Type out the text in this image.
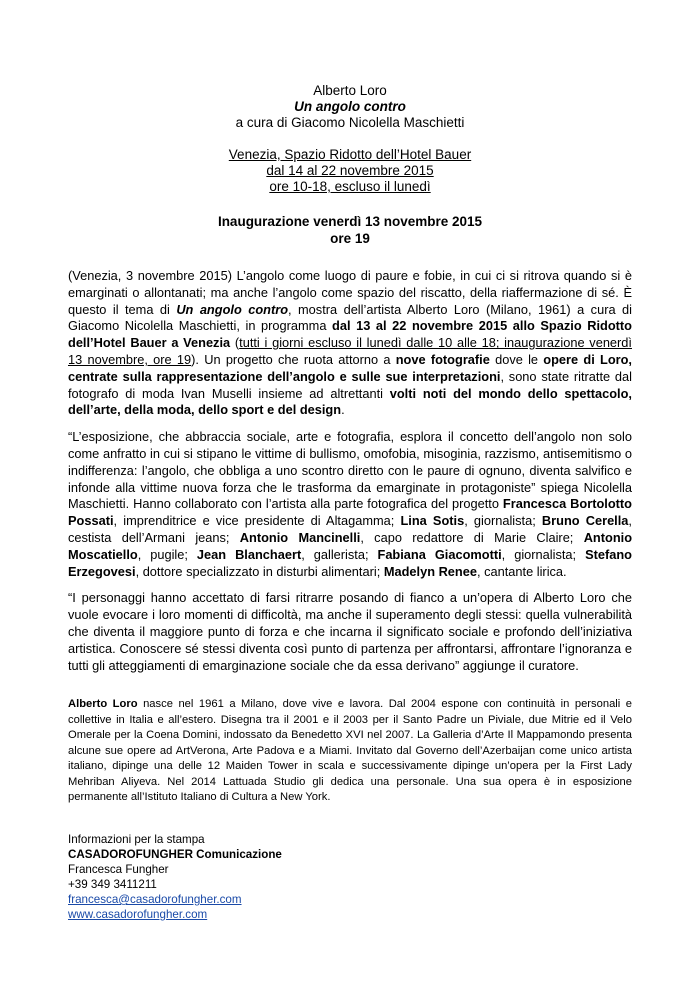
Alberto Loro
Un angolo contro
a cura di Giacomo Nicolella Maschietti
Venezia, Spazio Ridotto dell’Hotel Bauer
dal 14 al 22 novembre 2015
ore 10-18, escluso il lunedì
Inaugurazione venerdì 13 novembre 2015
ore 19

(Venezia, 3 novembre 2015) L’angolo come luogo di paure e fobie, in cui ci si ritrova quando si è emarginati o allontanati; ma anche l’angolo come spazio del riscatto, della riaffermazione di sé. È questo il tema di Un angolo contro, mostra dell’artista Alberto Loro (Milano, 1961) a cura di Giacomo Nicolella Maschietti, in programma dal 13 al 22 novembre 2015 allo Spazio Ridotto dell’Hotel Bauer a Venezia (tutti i giorni escluso il lunedì dalle 10 alle 18; inaugurazione venerdì 13 novembre, ore 19). Un progetto che ruota attorno a nove fotografie dove le opere di Loro, centrate sulla rappresentazione dell’angolo e sulle sue interpretazioni, sono state ritratte dal fotografo di moda Ivan Muselli insieme ad altrettanti volti noti del mondo dello spettacolo, dell’arte, della moda, dello sport e del design.

“L’esposizione, che abbraccia sociale, arte e fotografia, esplora il concetto dell’angolo non solo come anfratto in cui si stipano le vittime di bullismo, omofobia, misoginia, razzismo, antisemitismo o indifferenza: l’angolo, che obbliga a uno scontro diretto con le paure di ognuno, diventa salvifico e infonde alla vittime nuova forza che le trasforma da emarginate in protagoniste” spiega Nicolella Maschietti. Hanno collaborato con l’artista alla parte fotografica del progetto Francesca Bortolotto Possati, imprenditrice e vice presidente di Altagamma; Lina Sotis, giornalista; Bruno Cerella, cestista dell’Armani jeans; Antonio Mancinelli, capo redattore di Marie Claire; Antonio Moscatiello, pugile; Jean Blanchaert, gallerista; Fabiana Giacomotti, giornalista; Stefano Erzegovesi, dottore specializzato in disturbi alimentari; Madelyn Renee, cantante lirica.

“I personaggi hanno accettato di farsi ritrarre posando di fianco a un’opera di Alberto Loro che vuole evocare i loro momenti di difficoltà, ma anche il superamento degli stessi: quella vulnerabilità che diventa il maggiore punto di forza e che incarna il significato sociale e profondo dell’iniziativa artistica. Conoscere sé stessi diventa così punto di partenza per affrontarsi, affrontare l’ignoranza e tutti gli atteggiamenti di emarginazione sociale che da essa derivano” aggiunge il curatore.

Alberto Loro nasce nel 1961 a Milano, dove vive e lavora. Dal 2004 espone con continuità in personali e collettive in Italia e all’estero. Disegna tra il 2001 e il 2003 per il Santo Padre un Piviale, due Mitrie ed il Velo Omerale per la Coena Domini, indossato da Benedetto XVI nel 2007. La Galleria d’Arte Il Mappamondo presenta alcune sue opere ad ArtVerona, Arte Padova e a Miami. Invitato dal Governo dell’Azerbaijan come unico artista italiano, dipinge una delle 12 Maiden Tower in scala e successivamente dipinge un’opera per la First Lady Mehriban Aliyeva. Nel 2014 Lattuada Studio gli dedica una personale. Una sua opera è in esposizione permanente all’Istituto Italiano di Cultura a New York.

Informazioni per la stampa
CASADOROFUNGHER Comunicazione
Francesca Fungher
+39 349 3411211
francesca@casadorofungher.com
www.casadorofungher.com
